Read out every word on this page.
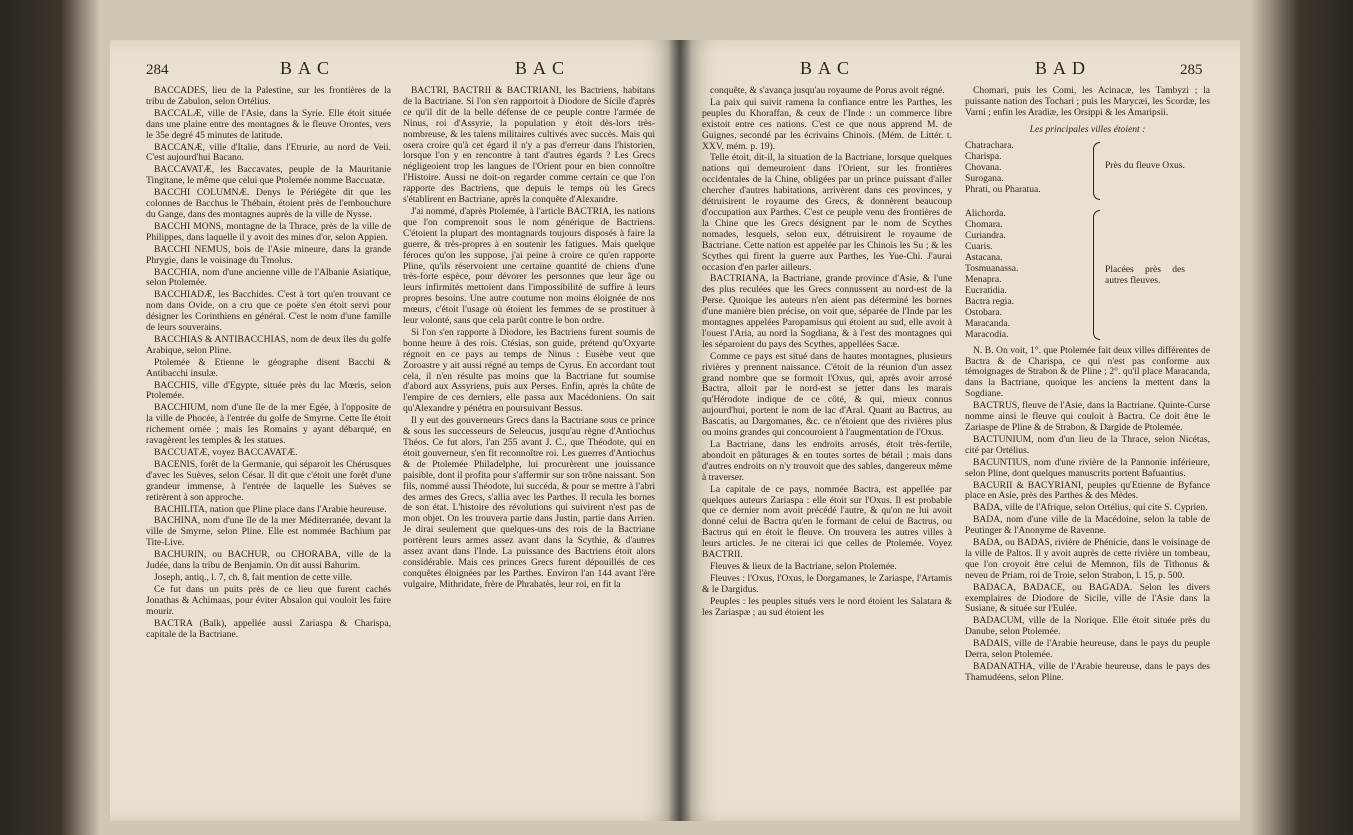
284	BAC	BAC

BACCADES, lieu de la Palestine, sur les frontières de la tribu de Zabulon, selon Ortélius.

BACCALÆ, ville de l'Asie, dans la Syrie. Elle étoit située dans une plaine entre des montagnes & le fleuve Orontes, vers le 35e degré 45 minutes de latitude.

BACCANÆ, ville d'Italie, dans l'Etrurie, au nord de Veii. C'est aujourd'hui Bacano.

BACCAVATÆ, les Baccavates, peuple de la Mauritanie Tingitane, le même que celui que Ptolemée nomme Baccuatæ.

BACCHI COLUMNÆ. Denys le Périégète dit que les colonnes de Bacchus le Thébain, étoient près de l'embouchure du Gange, dans des montagnes auprès de la ville de Nysse.

BACCHI MONS, montagne de la Thrace, près de la ville de Philippes, dans laquelle il y avoit des mines d'or, selon Appien.

BACCHI NEMUS, bois de l'Asie mineure, dans la grande Phrygie, dans le voisinage du Tmolus.

BACCHIA, nom d'une ancienne ville de l'Albanie Asiatique, selon Ptolemée.

BACCHIADÆ, les Bacchides. C'est à tort qu'en trouvant ce nom dans Ovide, on a cru que ce poëte s'en étoit servi pour désigner les Corinthiens en général. C'est le nom d'une famille de leurs souverains.

BACCHIAS & ANTIBACCHIAS, nom de deux îles du golfe Arabique, selon Pline.

Ptolemée & Etienne le géographe disent Bacchi & Antibacchi insulæ.

BACCHIS, ville d'Egypte, située près du lac Mœris, selon Ptolemée.

BACCHIUM, nom d'une île de la mer Egée, à l'opposite de la ville de Phocée, à l'entrée du golfe de Smyrne. Cette île étoit richement ornée ; mais les Romains y ayant débarqué, en ravagèrent les temples & les statues.

BACCUATÆ, voyez BACCAVATÆ.

BACENIS, forêt de la Germanie, qui séparoit les Chérusques d'avec les Suèves, selon César. Il dit que c'étoit une forêt d'une grandeur immense, à l'entrée de laquelle les Suèves se retirèrent à son approche.

BACHILITA, nation que Pline place dans l'Arabie heureuse.

BACHINA, nom d'une île de la mer Méditerranée, devant la ville de Smyrne, selon Pline. Elle est nommée Bachium par Tite-Live.

BACHURIN, ou BACHUR, ou CHORABA, ville de la Judée, dans la tribu de Benjamin. On dit aussi Bahurim.

Joseph, antiq., l. 7, ch. 8, fait mention de cette ville.

Ce fut dans un puits près de ce lieu que furent cachés Jonathas & Achimaas, pour éviter Absalon qui vouloit les faire mourir.

BACTRA (Balk), appellée aussi Zariaspa & Charispa, capitale de la Bactriane.

BACTRI, BACTRII & BACTRIANI, les Bactriens, habitans de la Bactriane. Si l'on s'en rapportoit à Diodore de Sicile d'après ce qu'il dit de la belle défense de ce peuple contre l'armée de Ninus, roi d'Assyrie, la population y étoit dès-lors très-nombreuse, & les talens militaires cultivés avec succès. Mais qui osera croire qu'à cet égard il n'y a pas d'erreur dans l'historien, lorsque l'on y en rencontre à tant d'autres égards ? Les Grecs négligeoient trop les langues de l'Orient pour en bien connoître l'Histoire. Aussi ne doit-on regarder comme certain ce que l'on rapporte des Bactriens, que depuis le temps où les Grecs s'établirent en Bactriane, après la conquête d'Alexandre.

J'ai nommé, d'après Ptolemée, à l'article BACTRIA, les nations que l'on comprenoit sous le nom générique de Bactriens. C'étoient la plupart des montagnards toujours disposés à faire la guerre, & très-propres à en soutenir les fatigues. Mais quelque féroces qu'on les suppose, j'ai peine à croire ce qu'en rapporte Pline, qu'ils réservoient une certaine quantité de chiens d'une très-forte espèce, pour dévorer les personnes que leur âge ou leurs infirmités mettoient dans l'impossibilité de suffire à leurs propres besoins. Une autre coutume non moins éloignée de nos mœurs, c'étoit l'usage où étoient les femmes de se prostituer à leur volonté, sans que cela parût contre le bon ordre.

Si l'on s'en rapporte à Diodore, les Bactriens furent soumis de bonne heure à des rois. Ctésias, son guide, prétend qu'Oxyarte régnoit en ce pays au temps de Ninus : Eusèbe veut que Zoroastre y ait aussi régné au temps de Cyrus. En accordant tout cela, il n'en résulte pas moins que la Bactriane fut soumise d'abord aux Assyriens, puis aux Perses. Enfin, après la chûte de l'empire de ces derniers, elle passa aux Macédoniens. On sait qu'Alexandre y pénétra en poursuivant Bessus.

Il y eut des gouverneurs Grecs dans la Bactriane sous ce prince & sous les successeurs de Seleucus, jusqu'au règne d'Antiochus Théos. Ce fut alors, l'an 255 avant J. C., que Théodote, qui en étoit gouverneur, s'en fit reconnoître roi. Les guerres d'Antiochus & de Ptolemée Philadelphe, lui procurèrent une jouissance paisible, dont il profita pour s'affermir sur son trône naissant. Son fils, nommé aussi Théodote, lui succéda, & pour se mettre à l'abri des armes des Grecs, s'allia avec les Parthes. Il recula les bornes de son état. L'histoire des révolutions qui suivirent n'est pas de mon objet. On les trouvera partie dans Justin, partie dans Arrien. Je dirai seulement que quelques-uns des rois de la Bactriane portèrent leurs armes assez avant dans la Scythie, & d'autres assez avant dans l'Inde. La puissance des Bactriens étoit alors considérable. Mais ces princes Grecs furent dépouillés de ces conquêtes éloignées par les Parthes. Environ l'an 144 avant l'ère vulgaire, Mithridate, frère de Phrahatès, leur roi, en fit la

BAC	BAD	285

conquête, & s'avança jusqu'au royaume de Porus avoit régné.

La paix qui suivit ramena la confiance entre les Parthes, les peuples du Khoraffan, & ceux de l'Inde : un commerce libre existoit entre ces nations. C'est ce que nous apprend M. de Guignes, secondé par les écrivains Chinois. (Mém. de Littér. t. XXV, mém. p. 19).

Telle étoit, dit-il, la situation de la Bactriane, lorsque quelques nations qui demeuroient dans l'Orient, sur les frontières occidentales de la Chine, obligées par un prince puissant d'aller chercher d'autres habitations, arrivèrent dans ces provinces, y détruisirent le royaume des Grecs, & donnèrent beaucoup d'occupation aux Parthes. C'est ce peuple venu des frontières de la Chine que les Grecs désignent par le nom de Scythes nomades, lesquels, selon eux, détruisirent le royaume de Bactriane. Cette nation est appelée par les Chinois les Su ; & les Scythes qui firent la guerre aux Parthes, les Yue-Chi. J'aurai occasion d'en parler ailleurs.

BACTRIANA, la Bactriane, grande province d'Asie, & l'une des plus reculées que les Grecs connussent au nord-est de la Perse. Quoique les auteurs n'en aient pas déterminé les bornes d'une manière bien précise, on voit que, séparée de l'Inde par les montagnes appelées Paropamisus qui étoient au sud, elle avoit à l'ouest l'Aria, au nord la Sogdiana, & à l'est des montagnes qui les séparoient du pays des Scythes, appellées Sacæ.

Comme ce pays est situé dans de hautes montagnes, plusieurs rivières y prennent naissance. C'étoit de la réunion d'un assez grand nombre que se formoit l'Oxus, qui, après avoir arrosé Bactra, alloit par le nord-est se jetter dans les marais qu'Hérodote indique de ce côté, & qui, mieux connus aujourd'hui, portent le nom de lac d'Aral. Quant au Bactrus, au Bascatis, au Dargomanes, &c. ce n'étoient que des rivières plus ou moins grandes qui concouroient à l'augmentation de l'Oxus.

La Bactriane, dans les endroits arrosés, étoit très-fertile, abondoit en pâturages & en toutes sortes de bétail ; mais dans d'autres endroits on n'y trouvoit que des sables, dangereux même à traverser.

La capitale de ce pays, nommée Bactra, est appellée par quelques auteurs Zariaspa : elle étoit sur l'Oxus. Il est probable que ce dernier nom avoit précédé l'autre, & qu'on ne lui avoit donné celui de Bactra qu'en le formant de celui de Bactrus, ou Bactrus qui en étoit le fleuve. On trouvera les autres villes à leurs articles. Je ne citerai ici que celles de Ptolemée. Voyez BACTRII.

Fleuves & lieux de la Bactriane, selon Ptolemée.

Fleuves : l'Oxus, l'Oxus, le Dorgamanes, le Zariaspe, l'Artamis & le Dargidus.

Peuples : les peuples situés vers le nord étoient les Salatara & les Zariaspæ ; au sud étoient les

Chomari, puis les Comi, les Acinacæ, les Tambyzi ; la puissante nation des Tochari ; puis les Marycæi, les Scordæ, les Varni ; enfin les Aradiæ, les Orsippi & les Amaripsii.

Les principales villes étoient :

Chatrachara.
Charispa.
Chovana.
Surogana.
Phrati, ou Pharatua.
Près du fleuve Oxus.
Alichorda.
Chomara.
Curiandra.
Cuaris.
Astacana.
Tosmuanassa.
Menapra.
Eucratidia.
Bactra regia.
Ostobara.
Maracanda.
Maracodia.
Placées près des autres fleuves.

N. B. On voit, 1°. que Ptolemée fait deux villes différentes de Bactra & de Charispa, ce qui n'est pas conforme aux témoignages de Strabon & de Pline ; 2°. qu'il place Maracanda, dans la Bactriane, quoique les anciens la mettent dans la Sogdiane.

BACTRUS, fleuve de l'Asie, dans la Bactriane. Quinte-Curse nomme ainsi le fleuve qui couloit à Bactra. Ce doit être le Zariaspe de Pline & de Strabon, & Dargide de Ptolemée.

BACTUNIUM, nom d'un lieu de la Thrace, selon Nicétas, cité par Ortélius.

BACUNTIUS, nom d'une rivière de la Pannonie inférieure, selon Pline, dont quelques manuscrits portent Bafuantius.

BACURII & BACYRIANI, peuples qu'Etienne de Byfance place en Asie, près des Parthes & des Mèdes.

BADA, ville de l'Afrique, selon Ortélius, qui cite S. Cyprien.

BADA, nom d'une ville de la Macédoine, selon la table de Peutinger & l'Anonyme de Ravenne.

BADA, ou BADAS, rivière de Phénicie, dans le voisinage de la ville de Paltos. Il y avoit auprès de cette rivière un tombeau, que l'on croyoit être celui de Memnon, fils de Tithonus & neveu de Priam, roi de Troie, selon Strabon, l. 15, p. 500.

BADACA, BADACE, ou BAGADA. Selon les divers exemplaires de Diodore de Sicile, ville de l'Asie dans la Susiane, & située sur l'Eulée.

BADACUM, ville de la Norique. Elle étoit située près du Danube, selon Ptolemée.

BADAIS, ville de l'Arabie heureuse, dans le pays du peuple Derra, selon Ptolemée.

BADANATHA, ville de l'Arabie heureuse, dans le pays des Thamudéens, selon Pline.
